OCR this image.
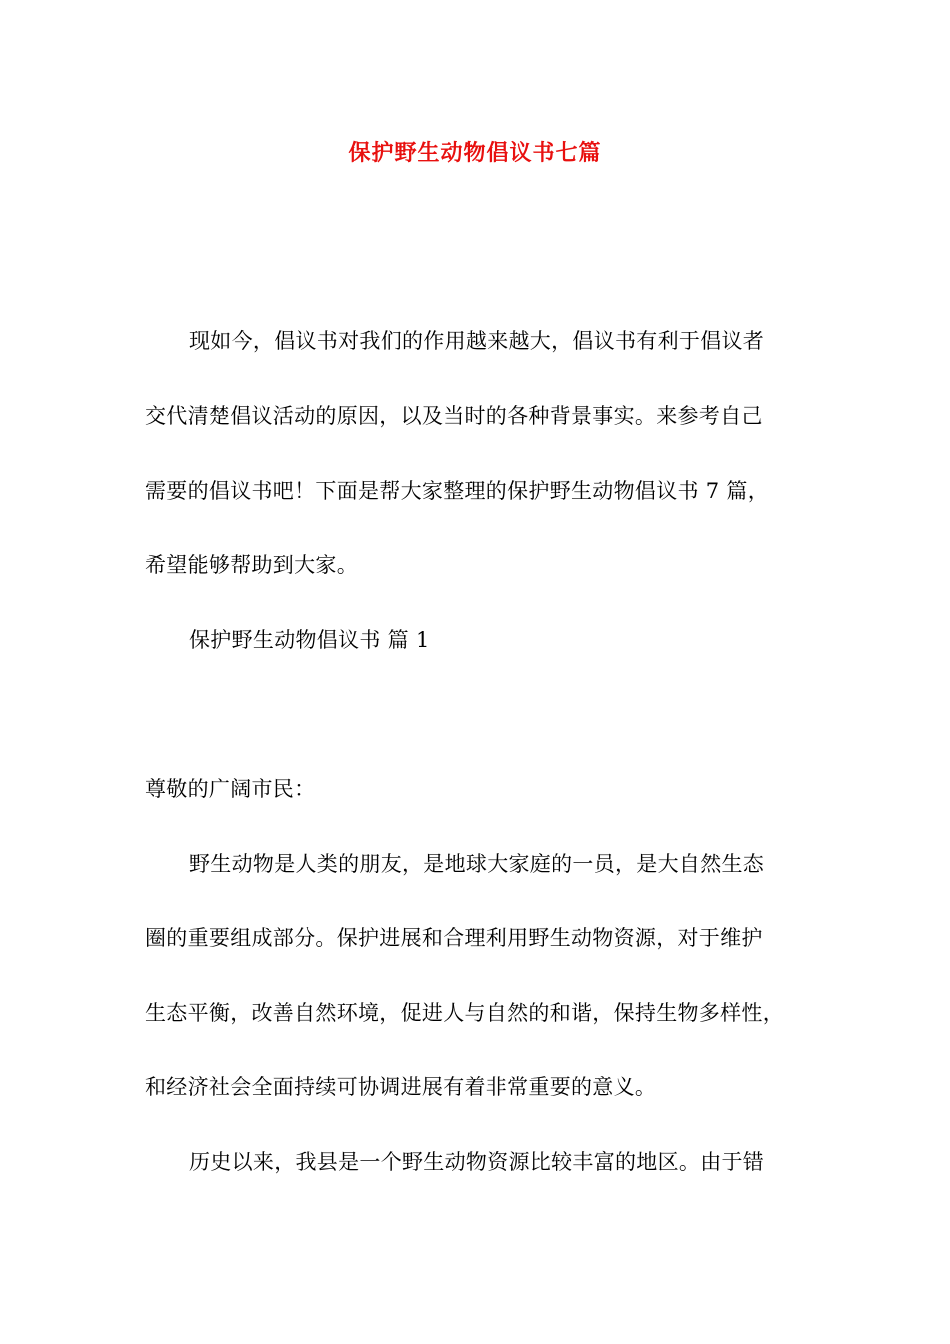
保护野生动物倡议书七篇
现如今，倡议书对我们的作用越来越大，倡议书有利于倡议者
交代清楚倡议活动的原因，以及当时的各种背景事实。来参考自己
需要的倡议书吧！下面是帮大家整理的保护野生动物倡议书 7 篇，
希望能够帮助到大家。
保护野生动物倡议书 篇 1
尊敬的广阔市民：
野生动物是人类的朋友，是地球大家庭的一员，是大自然生态
圈的重要组成部分。保护进展和合理利用野生动物资源，对于维护
生态平衡，改善自然环境，促进人与自然的和谐，保持生物多样性，
和经济社会全面持续可协调进展有着非常重要的意义。
历史以来，我县是一个野生动物资源比较丰富的地区。由于错
